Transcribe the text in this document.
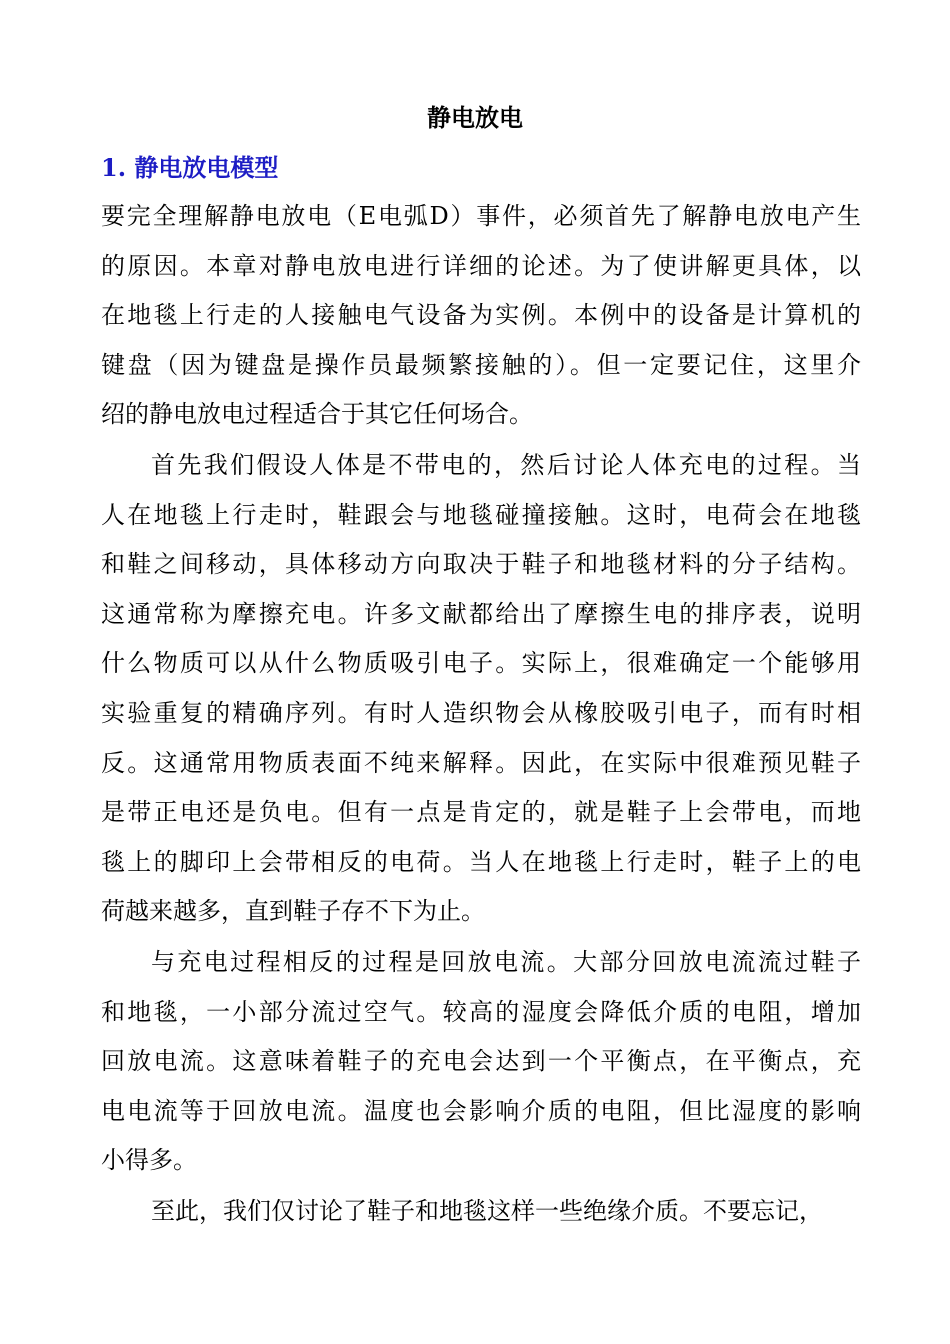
静电放电
1. 静电放电模型
要完全理解静电放电（E电弧D）事件，必须首先了解静电放电产生
的原因。本章对静电放电进行详细的论述。为了使讲解更具体，以
在地毯上行走的人接触电气设备为实例。本例中的设备是计算机的
键盘（因为键盘是操作员最频繁接触的）。但一定要记住，这里介
绍的静电放电过程适合于其它任何场合。
首先我们假设人体是不带电的，然后讨论人体充电的过程。当
人在地毯上行走时，鞋跟会与地毯碰撞接触。这时，电荷会在地毯
和鞋之间移动，具体移动方向取决于鞋子和地毯材料的分子结构。
这通常称为摩擦充电。许多文献都给出了摩擦生电的排序表，说明
什么物质可以从什么物质吸引电子。实际上，很难确定一个能够用
实验重复的精确序列。有时人造织物会从橡胶吸引电子，而有时相
反。这通常用物质表面不纯来解释。因此，在实际中很难预见鞋子
是带正电还是负电。但有一点是肯定的，就是鞋子上会带电，而地
毯上的脚印上会带相反的电荷。当人在地毯上行走时，鞋子上的电
荷越来越多，直到鞋子存不下为止。
与充电过程相反的过程是回放电流。大部分回放电流流过鞋子
和地毯，一小部分流过空气。较高的湿度会降低介质的电阻，增加
回放电流。这意味着鞋子的充电会达到一个平衡点，在平衡点，充
电电流等于回放电流。温度也会影响介质的电阻，但比湿度的影响
小得多。
至此，我们仅讨论了鞋子和地毯这样一些绝缘介质。不要忘记，
